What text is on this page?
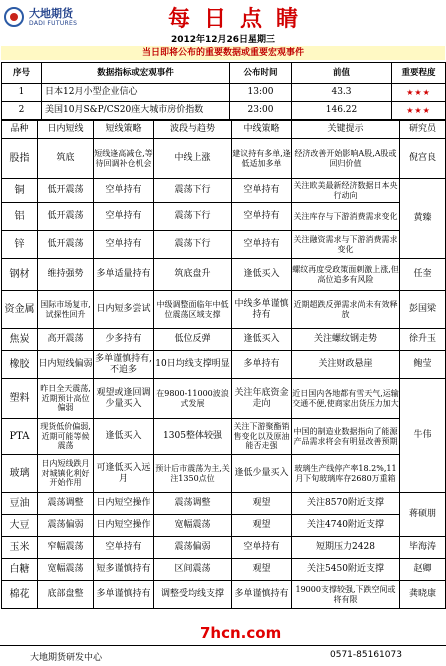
大地期货
DADI FUTURES	每日点睛
2012年12月26日星期三
当日即将公布的重要数据或重要宏观事件
序号	数据指标或宏观事件	公布时间	前值	重要程度
1	日本12月小型企业信心	13:00	43.3	★★★
2	美国10月S&P/CS20座大城市房价指数	23:00	146.22	★★★
品种	日内短线	短线策略	波段与趋势	中线策略	关键提示	研究员
股指	筑底	短线逢高减仓,等待回调补仓机会	中线上涨	建议持有多单,逢低适加多单	经济改善开始影响A股,A股或回归价值	倪宫良
铜	低开震荡	空单持有	震荡下行	空单持有	关注欧美最新经济数据日本央行动向	黄臻
铝	低开震荡	空单持有	震荡下行	空单持有	关注库存与下游消费需求变化	
锌	低开震荡	空单持有	震荡下行	空单持有	关注融资需求与下游消费需求变化	
钢材	维持强势	多单适量持有	筑底盘升	逢低买入	螺纹再度受政策面刺激上涨,但高位追多有风险	任奎
资金属	国际市场复市,试探性回升	日内短多尝试	中级调整面临年中低位震荡区域支撑	中线多单谨慎持有	近期超跌反弹需求尚未有效释放	彭国梁
焦炭	高开震荡	少多持有	低位反弹	逢低买入	关注螺纹钢走势	徐升玉
橡胶	日内短线偏弱	多单谨慎持有,不追多	10日均线支撑明显	多单持有	关注财政悬崖	鲍莹
塑料	昨日全天震荡,近期预计高位偏弱	观望或逢回调少量买入	在9800-11000波浪式发展	关注年底资金走向	近日国内各地都有雪天气,运输交通不便,使商家出货压力加大	牛伟
PTA	现货低价偏弱,近期可能等候震荡	逢低买入	1305整体较强	关注下游聚酯销售变化以及原油能否走强	中国的制造业数据指向了能源产品需求将会有明显改善预期	
玻璃	日内短线跌月对城镇化利好开始作用	可逢低买入远月	预计后市震荡为主,关注1350点位	逢低少量买入	玻璃生产线停产率18.2%,11月下旬玻璃库存2680万重箱	
豆油	震荡调整	日内短空操作	震荡调整	观望	关注8570附近支撑	蒋硕朋
大豆	震荡偏弱	日内短空操作	宽幅震荡	观望	关注4740附近支撑	
玉米	窄幅震荡	空单持有	震荡偏弱	空单持有	短期压力2428	毕海涛
白糖	宽幅震荡	短多谨慎持有	区间震荡	观望	关注5450附近支撑	赵卿
棉花	底部盘整	多单谨慎持有	调整受均线支撑	多单谨慎持有	19000支撑较强,下跌空间或将有限	龚晓康
7hcn.com
大地期货研发中心	0571-85161073
